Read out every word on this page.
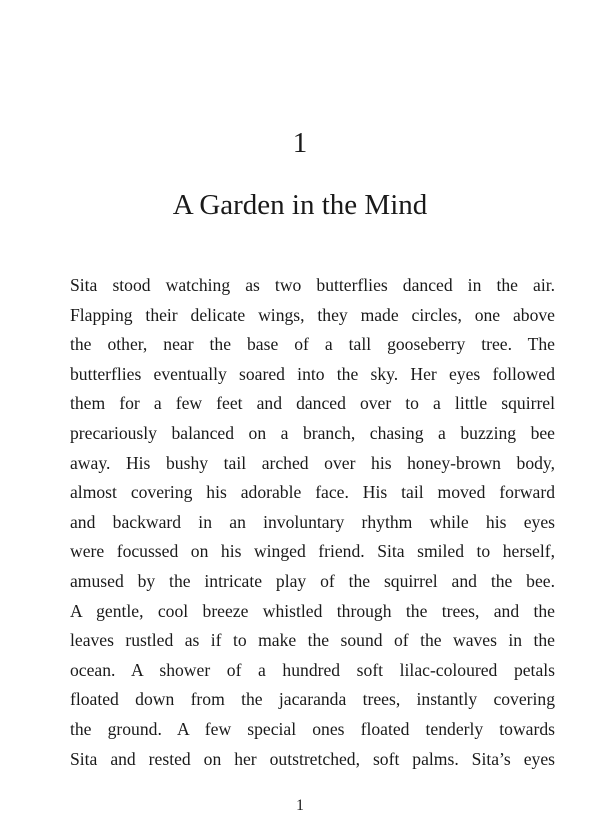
1
A Garden in the Mind
Sita stood watching as two butterflies danced in the air.
Flapping their delicate wings, they made circles, one above
the other, near the base of a tall gooseberry tree. The
butterflies eventually soared into the sky. Her eyes followed
them for a few feet and danced over to a little squirrel
precariously balanced on a branch, chasing a buzzing bee
away. His bushy tail arched over his honey-brown body,
almost covering his adorable face. His tail moved forward
and backward in an involuntary rhythm while his eyes
were focussed on his winged friend. Sita smiled to herself,
amused by the intricate play of the squirrel and the bee.
A gentle, cool breeze whistled through the trees, and the
leaves rustled as if to make the sound of the waves in the
ocean. A shower of a hundred soft lilac-coloured petals
floated down from the jacaranda trees, instantly covering
the ground. A few special ones floated tenderly towards
Sita and rested on her outstretched, soft palms. Sita’s eyes
1
